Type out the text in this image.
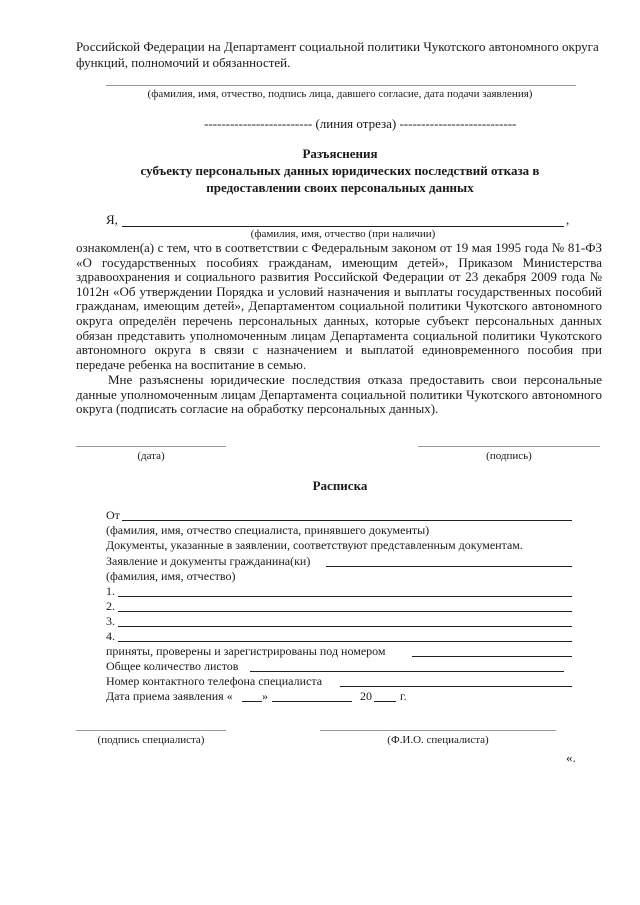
Российской Федерации на Департамент социальной политики Чукотского автономного округа
функций, полномочий и обязанностей.
(фамилия, имя, отчество, подпись лица, давшего согласие, дата подачи заявления)
------------------------- (линия отреза) ---------------------------
Разъяснения
субъекту персональных данных юридических последствий отказа в
предоставлении своих персональных данных
Я,	,
(фамилия, имя, отчество (при наличии)
ознакомлен(а) с тем, что в соответствии с Федеральным законом от 19 мая 1995 года № 81-ФЗ «О государственных пособиях гражданам, имеющим детей», Приказом Министерства здравоохранения и социального развития Российской Федерации от 23 декабря 2009 года № 1012н «Об утверждении Порядка и условий назначения и выплаты государственных пособий гражданам, имеющим детей», Департаментом социальной политики Чукотского автономного округа определён перечень персональных данных, которые субъект персональных данных обязан представить уполномоченным лицам Департамента социальной политики Чукотского автономного округа в связи с назначением и выплатой единовременного пособия при передаче ребенка на воспитание в семью.
Мне разъяснены юридические последствия отказа предоставить свои персональные данные уполномоченным лицам Департамента социальной политики Чукотского автономного округа (подписать согласие на обработку персональных данных).
(дата)	(подпись)
Расписка
От
(фамилия, имя, отчество специалиста, принявшего документы)
Документы, указанные в заявлении, соответствуют представленным документам.
Заявление и документы гражданина(ки)
(фамилия, имя, отчество)
1.
2.
3.
4.
приняты, проверены и зарегистрированы под номером
Общее количество листов
Номер контактного телефона специалиста
Дата приема заявления « »	20 г.
(подпись специалиста)	(Ф.И.О. специалиста)
«.
